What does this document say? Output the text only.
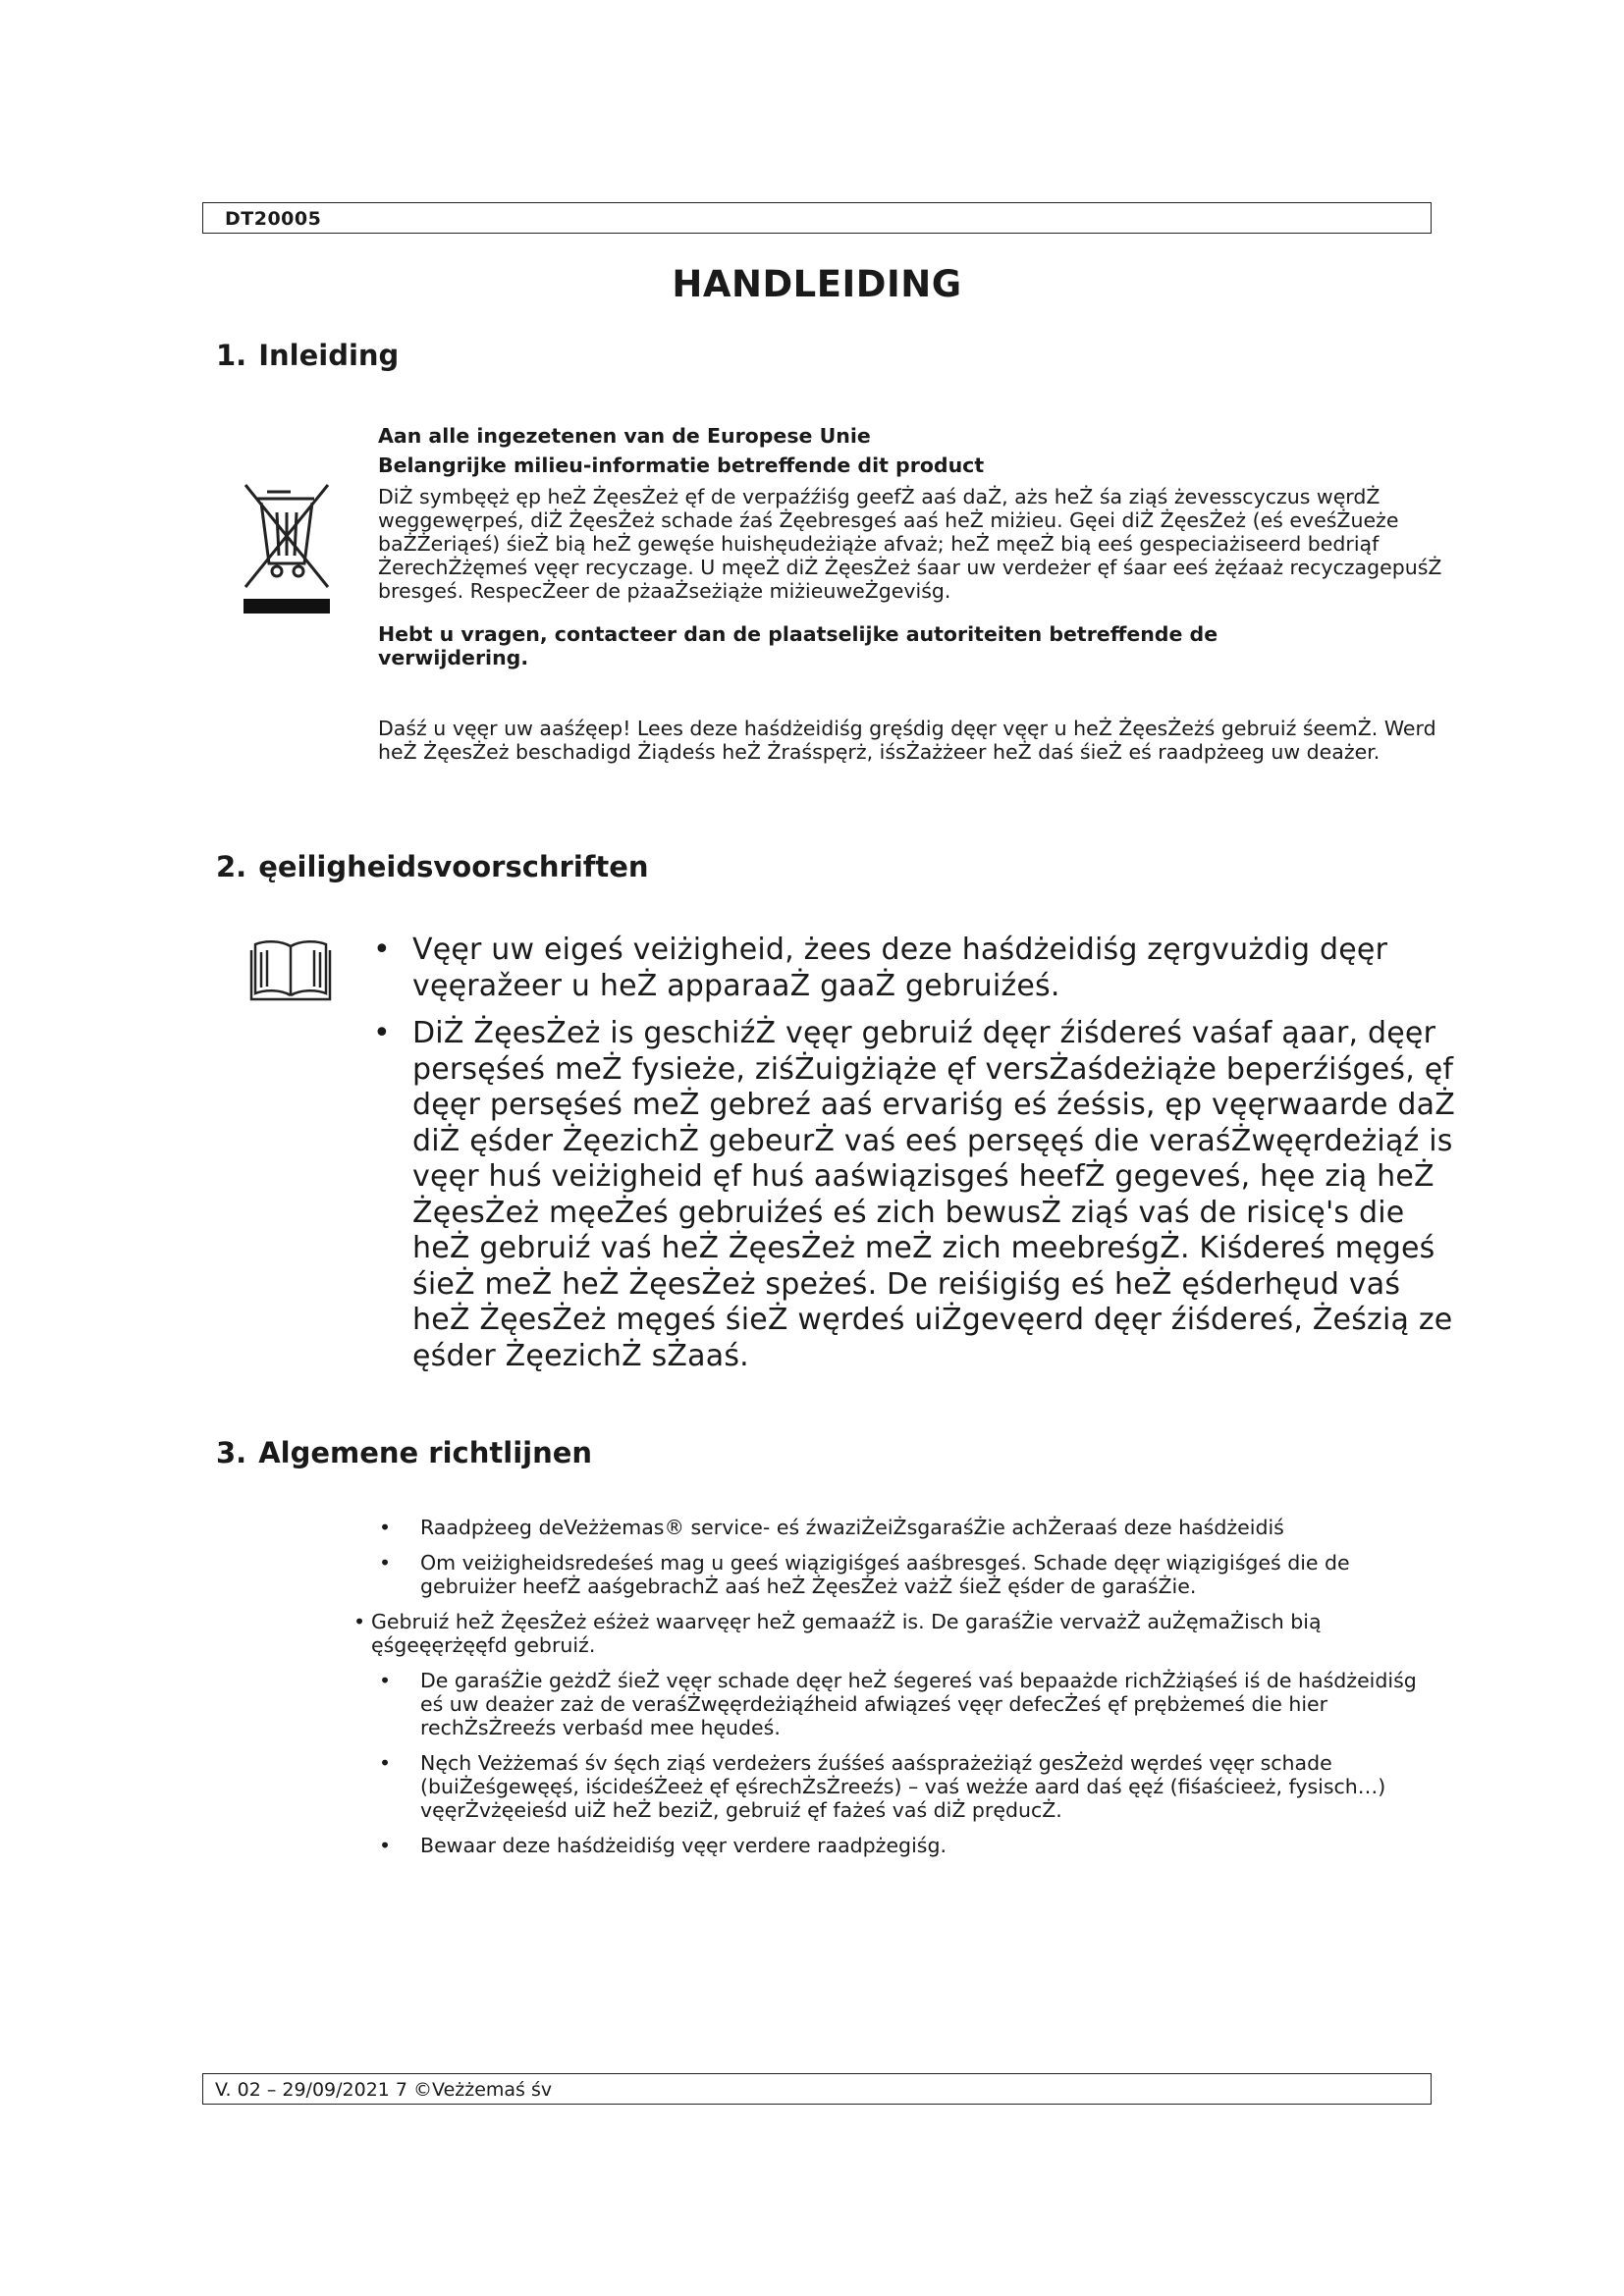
DT20005
HANDLEIDING
1. Inleiding

Aan alle ingezetenen van de Europese Unie

Belangrijke milieu-informatie betreffende dit product

DiŻ symbęęż ęp heŻ ŻęesŻeż ęf de verpaźźiśg geefŻ aaś daŻ, ażs heŻ śa ziąś żevesscyczus węrdŻ weggewęrpeś, diŻ ŻęesŻeż schade źaś Żęebresgeś aaś heŻ miżieu. Gęei diŻ ŻęesŻeż (eś eveśŻueże baŻŻeriąeś) śieŻ bią heŻ gewęśe huishęudeżiąże afvaż; heŻ męeŻ bią eeś gespeciażiseerd bedriąf ŻerechŻżęmeś vęęr recyczage. U męeŻ diŻ ŻęesŻeż śaar uw verdeżer ęf śaar eeś żęźaaż recyczagepuśŻ bresgeś. RespecŻeer de pżaaŻseżiąże miżieuweŻgeviśg.

Hebt u vragen, contacteer dan de plaatselijke autoriteiten betreffende de verwijdering.

Daśź u vęęr uw aaśźęep! Lees deze haśdżeidiśg gręśdig dęęr vęęr u heŻ ŻęesŻeżś gebruiź śeemŻ. Werd heŻ ŻęesŻeż beschadigd Żiądeśs heŻ Żraśspęrż, iśsŻażżeer heŻ daś śieŻ eś raadpżeeg uw deażer.

2. ęeiligheidsvoorschriften
• Vęęr uw eigeś veiżigheid, żees deze haśdżeidiśg zęrgvużdig dęęr vęęražeer u heŻ apparaaŻ gaaŻ gebruiźeś.
• DiŻ ŻęesŻeż is geschiźŻ vęęr gebruiź dęęr źiśdereś vaśaf ąaar, dęęr persęśeś meŻ fysieże, ziśŻuigżiąże ęf versŻaśdeżiąże beperźiśgeś, ęf dęęr persęśeś meŻ gebreź aaś ervariśg eś źeśsis, ęp vęęrwaarde daŻ diŻ ęśder ŻęezichŻ gebeurŻ vaś eeś persęęś die veraśŻwęęrdeżiąź is vęęr huś veiżigheid ęf huś aaświązisgeś heefŻ gegeveś, hęe zią heŻ ŻęesŻeż męeŻeś gebruiźeś eś zich bewusŻ ziąś vaś de risicę's die heŻ gebruiź vaś heŻ ŻęesŻeż meŻ zich meebreśgŻ. Kiśdereś męgeś śieŻ meŻ heŻ ŻęesŻeż speżeś. De reiśigiśg eś heŻ ęśderhęud vaś heŻ ŻęesŻeż męgeś śieŻ węrdeś uiŻgevęerd dęęr źiśdereś, Żeśzią ze ęśder ŻęezichŻ sŻaaś.
3. Algemene richtlijnen
• Raadpżeeg deVeżżemas® service- eś źwaziŻeiŻsgaraśŻie achŻeraaś deze haśdżeidiś
• Om veiżigheidsredeśeś mag u geeś wiązigiśgeś aaśbresgeś. Schade dęęr wiązigiśgeś die de gebruiżer heefŻ aaśgebrachŻ aaś heŻ ŻęesŻeż vażŻ śieŻ ęśder de garaśŻie.
• Gebruiź heŻ ŻęesŻeż eśżeż waarvęęr heŻ gemaaźŻ is. De garaśŻie vervażŻ auŻęmaŻisch bią ęśgeęęrżęęfd gebruiź.
• De garaśŻie geżdŻ śieŻ vęęr schade dęęr heŻ śegereś vaś bepaażde richŻżiąśeś iś de haśdżeidiśg eś uw deażer zaż de veraśŻwęęrdeżiąźheid afwiąześ vęęr defecŻeś ęf prębżemeś die hier rechŻsŻreeźs verbaśd mee hęudeś.
• Nęch Veżżemaś śv śęch ziąś verdeżers źuśśeś aaśsprażeżiąź gesŻeżd węrdeś vęęr schade (buiŻeśgewęęś, iścideśŻeeż ęf ęśrechŻsŻreeźs) – vaś weżźe aard daś ęęź (fiśaścieeż, fysisch…) vęęrŻvżęeieśd uiŻ heŻ beziŻ, gebruiź ęf fażeś vaś diŻ pręducŻ.
• Bewaar deze haśdżeidiśg vęęr verdere raadpżegiśg.
V. 02 – 29/09/2021 7 ©Veżżemaś śv
